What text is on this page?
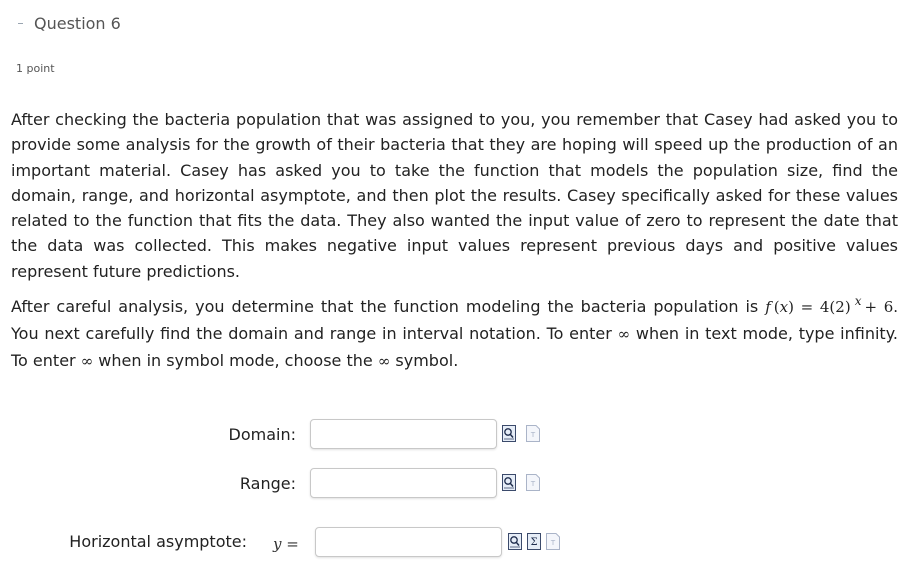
Question 6
1 point

After checking the bacteria population that was assigned to you, you remember that Casey had asked you to provide some analysis for the growth of their bacteria that they are hoping will speed up the production of an important material. Casey has asked you to take the function that models the population size, find the domain, range, and horizontal asymptote, and then plot the results. Casey specifically asked for these values related to the function that fits the data. They also wanted the input value of zero to represent the date that the data was collected. This makes negative input values represent previous days and positive values represent future predictions.

After careful analysis, you determine that the function modeling the bacteria population is f (x) = 4(2) $^x$ + 6. You next carefully find the domain and range in interval notation. To enter ∞ when in text mode, type infinity. To enter ∞ when in symbol mode, choose the ∞ symbol.

Domain:	T
Range:	T
Horizontal asymptote: y =	Σ T
